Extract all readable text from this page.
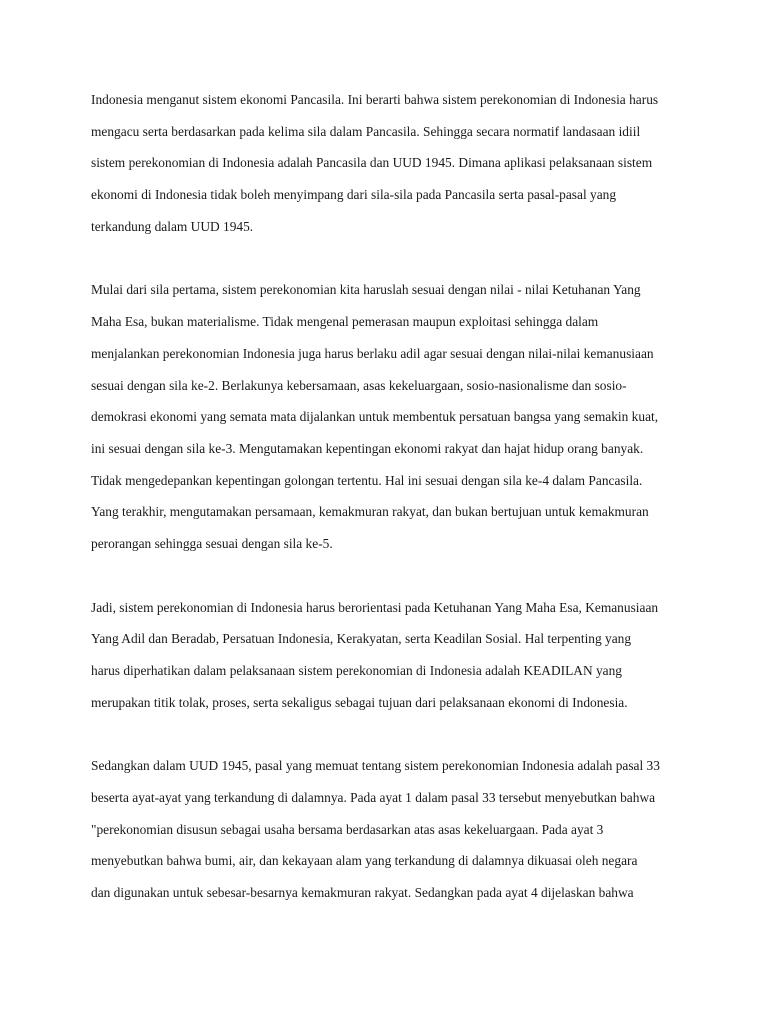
Indonesia menganut sistem ekonomi Pancasila. Ini berarti bahwa sistem perekonomian di Indonesia harus
mengacu serta berdasarkan pada kelima sila dalam Pancasila. Sehingga secara normatif landasaan idiil
sistem perekonomian di Indonesia adalah Pancasila dan UUD 1945. Dimana aplikasi pelaksanaan sistem
ekonomi di Indonesia tidak boleh menyimpang dari sila-sila pada Pancasila serta pasal-pasal yang
terkandung dalam UUD 1945.
Mulai dari sila pertama, sistem perekonomian kita haruslah sesuai dengan nilai - nilai Ketuhanan Yang
Maha Esa, bukan materialisme. Tidak mengenal pemerasan maupun exploitasi sehingga dalam
menjalankan perekonomian Indonesia juga harus berlaku adil agar sesuai dengan nilai-nilai kemanusiaan
sesuai dengan sila ke-2. Berlakunya kebersamaan, asas kekeluargaan, sosio-nasionalisme dan sosio-
demokrasi ekonomi yang semata mata dijalankan untuk membentuk persatuan bangsa yang semakin kuat,
ini sesuai dengan sila ke-3. Mengutamakan kepentingan ekonomi rakyat dan hajat hidup orang banyak.
Tidak mengedepankan kepentingan golongan tertentu. Hal ini sesuai dengan sila ke-4 dalam Pancasila.
Yang terakhir, mengutamakan persamaan, kemakmuran rakyat, dan bukan bertujuan untuk kemakmuran
perorangan sehingga sesuai dengan sila ke-5.
Jadi, sistem perekonomian di Indonesia harus berorientasi pada Ketuhanan Yang Maha Esa, Kemanusiaan
Yang Adil dan Beradab, Persatuan Indonesia, Kerakyatan, serta Keadilan Sosial. Hal terpenting yang
harus diperhatikan dalam pelaksanaan sistem perekonomian di Indonesia adalah KEADILAN yang
merupakan titik tolak, proses, serta sekaligus sebagai tujuan dari pelaksanaan ekonomi di Indonesia.
Sedangkan dalam UUD 1945, pasal yang memuat tentang sistem perekonomian Indonesia adalah pasal 33
beserta ayat-ayat yang terkandung di dalamnya. Pada ayat 1 dalam pasal 33 tersebut menyebutkan bahwa
"perekonomian disusun sebagai usaha bersama berdasarkan atas asas kekeluargaan. Pada ayat 3
menyebutkan bahwa bumi, air, dan kekayaan alam yang terkandung di dalamnya dikuasai oleh negara
dan digunakan untuk sebesar-besarnya kemakmuran rakyat. Sedangkan pada ayat 4 dijelaskan bahwa
